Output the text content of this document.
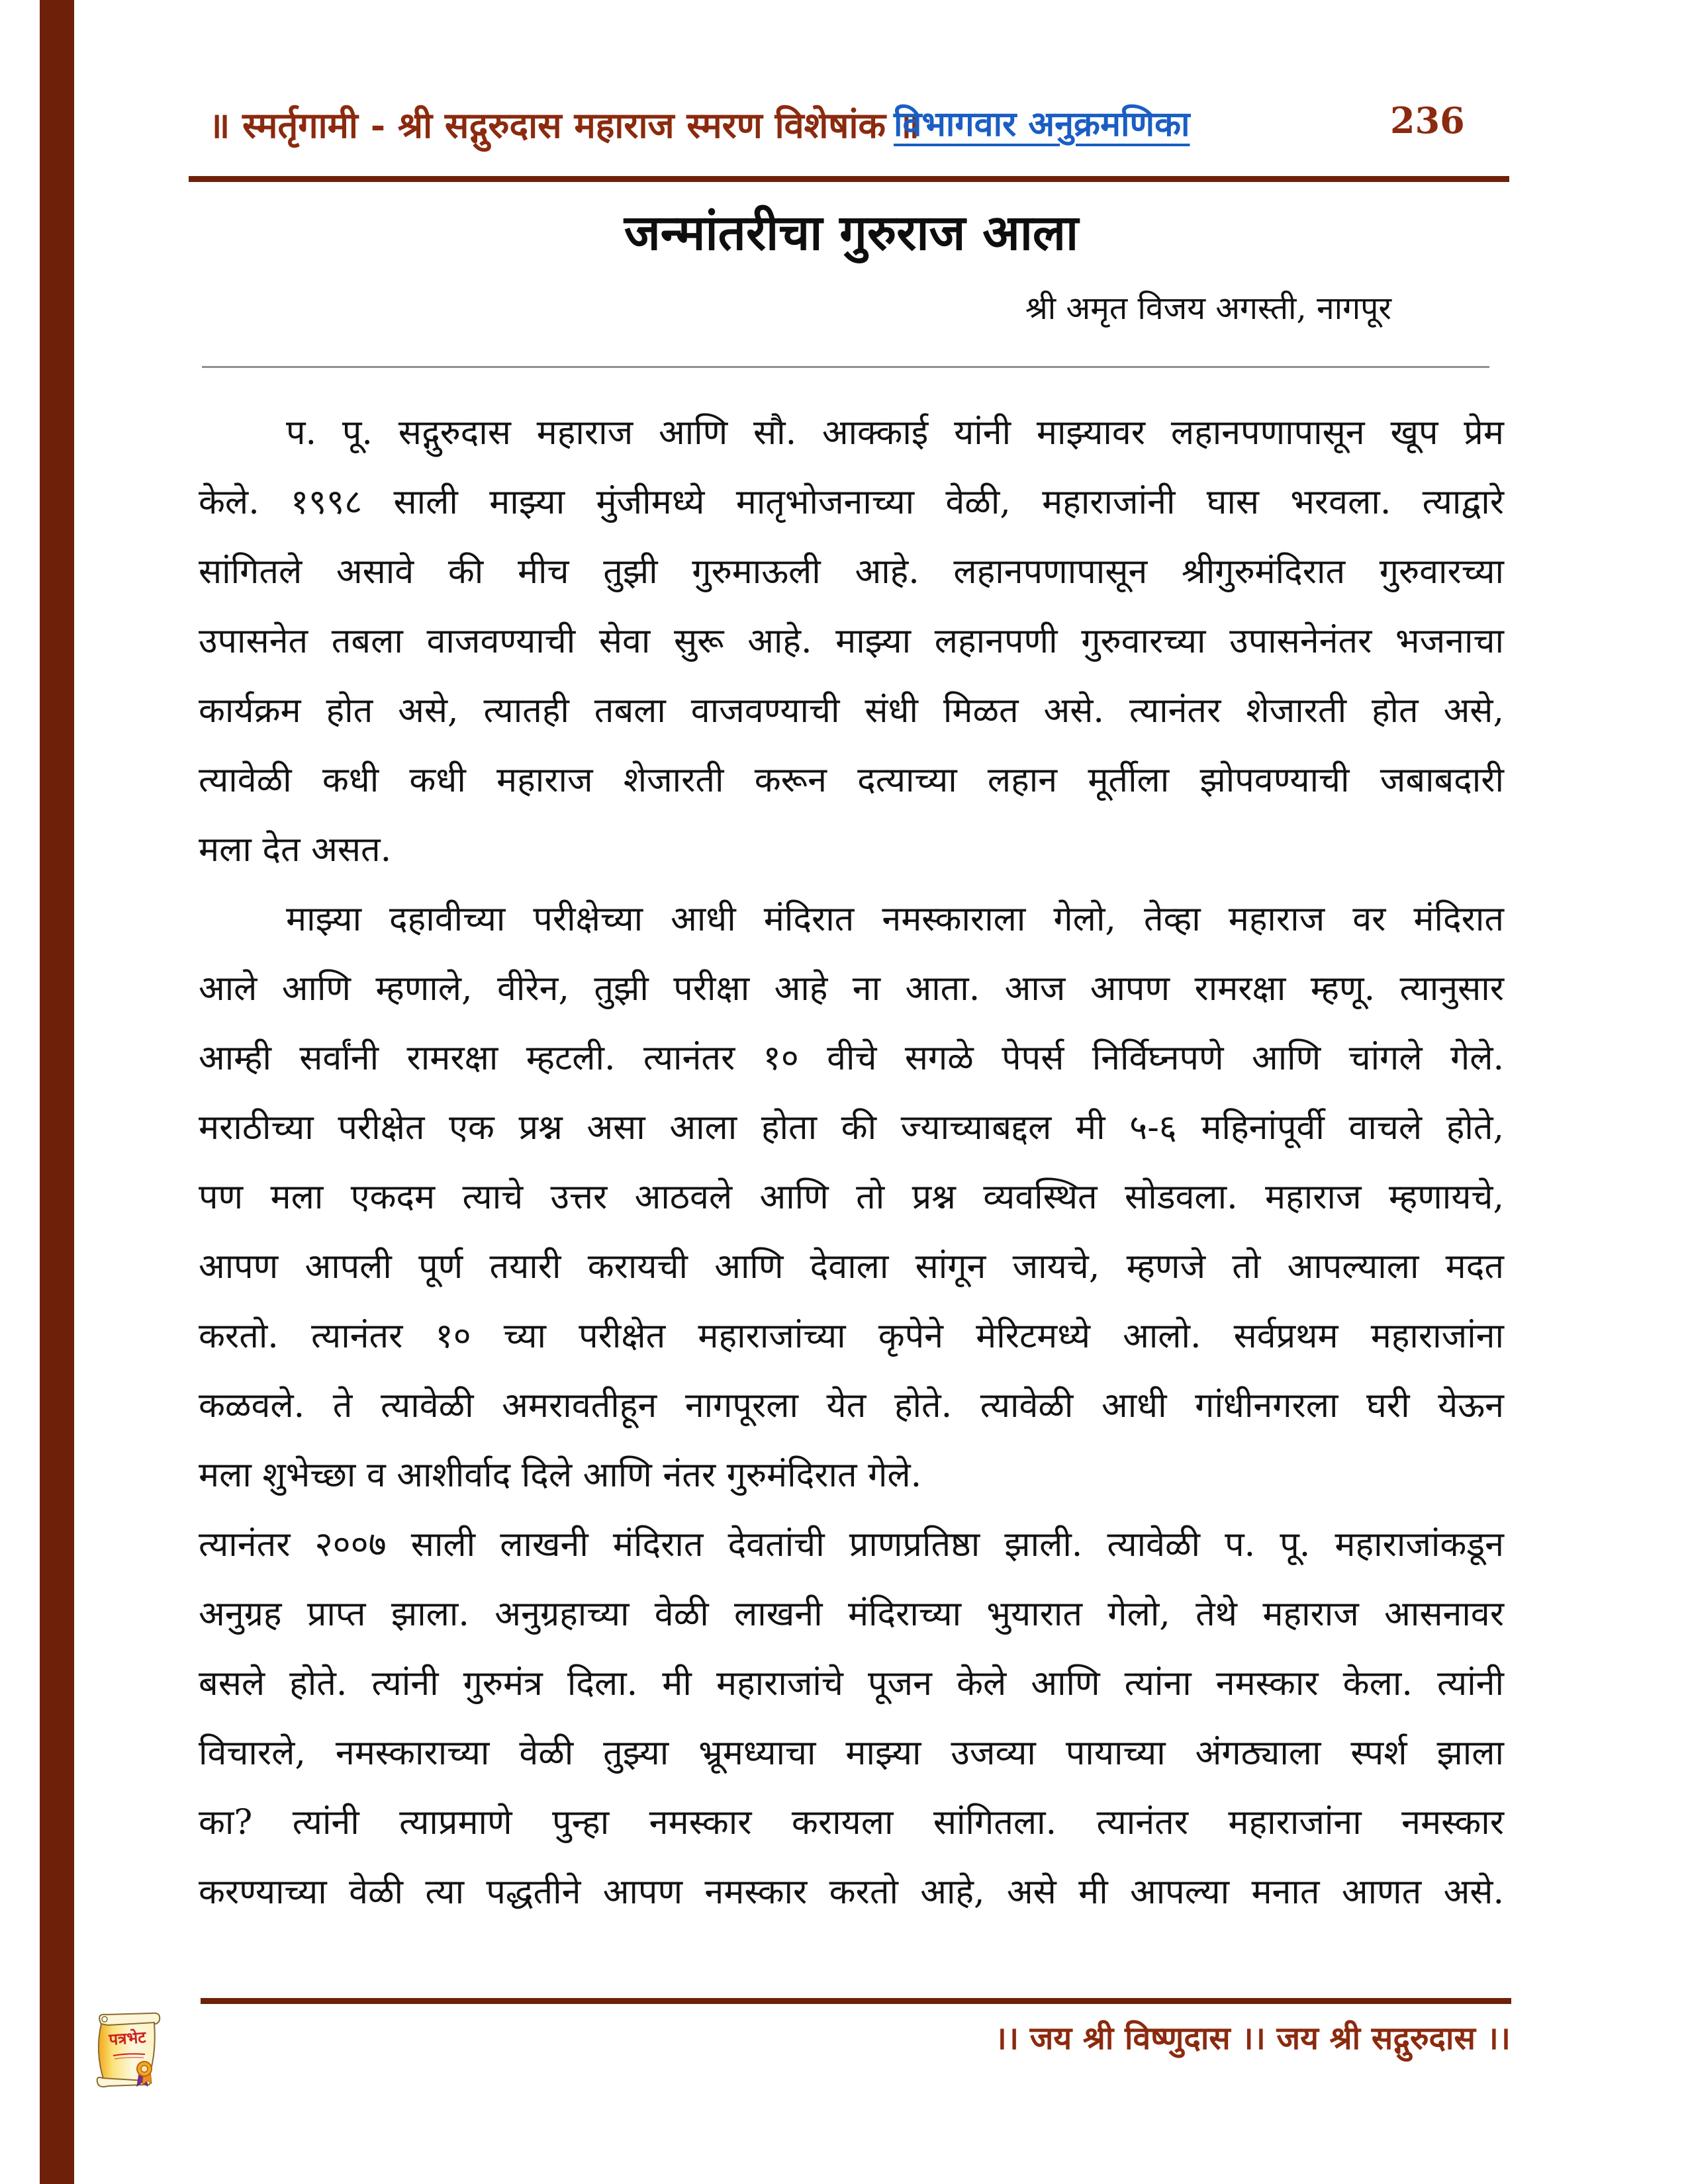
॥ स्मर्तृगामी - श्री सद्गुरुदास महाराज स्मरण विशेषांक ॥
विभागवार अनुक्रमणिका	236
जन्मांतरीचा गुरुराज आला
श्री अमृत विजय अगस्ती, नागपूर
प. पू. सद्गुरुदास महाराज आणि सौ. आक्काई यांनी माझ्यावर लहानपणापासून खूप प्रेम
केले. १९९८ साली माझ्या मुंजीमध्ये मातृभोजनाच्या वेळी, महाराजांनी घास भरवला. त्याद्वारे
सांगितले असावे की मीच तुझी गुरुमाऊली आहे. लहानपणापासून श्रीगुरुमंदिरात गुरुवारच्या
उपासनेत तबला वाजवण्याची सेवा सुरू आहे. माझ्या लहानपणी गुरुवारच्या उपासनेनंतर भजनाचा
कार्यक्रम होत असे, त्यातही तबला वाजवण्याची संधी मिळत असे. त्यानंतर शेजारती होत असे,
त्यावेळी कधी कधी महाराज शेजारती करून दत्याच्या लहान मूर्तीला झोपवण्याची जबाबदारी
मला देत असत.
माझ्या दहावीच्या परीक्षेच्या आधी मंदिरात नमस्काराला गेलो, तेव्हा महाराज वर मंदिरात
आले आणि म्हणाले, वीरेन, तुझी परीक्षा आहे ना आता. आज आपण रामरक्षा म्हणू. त्यानुसार
आम्ही सर्वांनी रामरक्षा म्हटली. त्यानंतर १० वीचे सगळे पेपर्स निर्विघ्नपणे आणि चांगले गेले.
मराठीच्या परीक्षेत एक प्रश्न असा आला होता की ज्याच्याबद्दल मी ५-६ महिनांपूर्वी वाचले होते,
पण मला एकदम त्याचे उत्तर आठवले आणि तो प्रश्न व्यवस्थित सोडवला. महाराज म्हणायचे,
आपण आपली पूर्ण तयारी करायची आणि देवाला सांगून जायचे, म्हणजे तो आपल्याला मदत
करतो. त्यानंतर १० च्या परीक्षेत महाराजांच्या कृपेने मेरिटमध्ये आलो. सर्वप्रथम महाराजांना
कळवले. ते त्यावेळी अमरावतीहून नागपूरला येत होते. त्यावेळी आधी गांधीनगरला घरी येऊन
मला शुभेच्छा व आशीर्वाद दिले आणि नंतर गुरुमंदिरात गेले.
त्यानंतर २००७ साली लाखनी मंदिरात देवतांची प्राणप्रतिष्ठा झाली. त्यावेळी प. पू. महाराजांकडून
अनुग्रह प्राप्त झाला. अनुग्रहाच्या वेळी लाखनी मंदिराच्या भुयारात गेलो, तेथे महाराज आसनावर
बसले होते. त्यांनी गुरुमंत्र दिला. मी महाराजांचे पूजन केले आणि त्यांना नमस्कार केला. त्यांनी
विचारले, नमस्काराच्या वेळी तुझ्या भ्रूमध्याचा माझ्या उजव्या पायाच्या अंगठ्याला स्पर्श झाला
का? त्यांनी त्याप्रमाणे पुन्हा नमस्कार करायला सांगितला. त्यानंतर महाराजांना नमस्कार
करण्याच्या वेळी त्या पद्धतीने आपण नमस्कार करतो आहे, असे मी आपल्या मनात आणत असे.
।। जय श्री विष्णुदास ।। जय श्री सद्गुरुदास ।।
पत्रभेट
